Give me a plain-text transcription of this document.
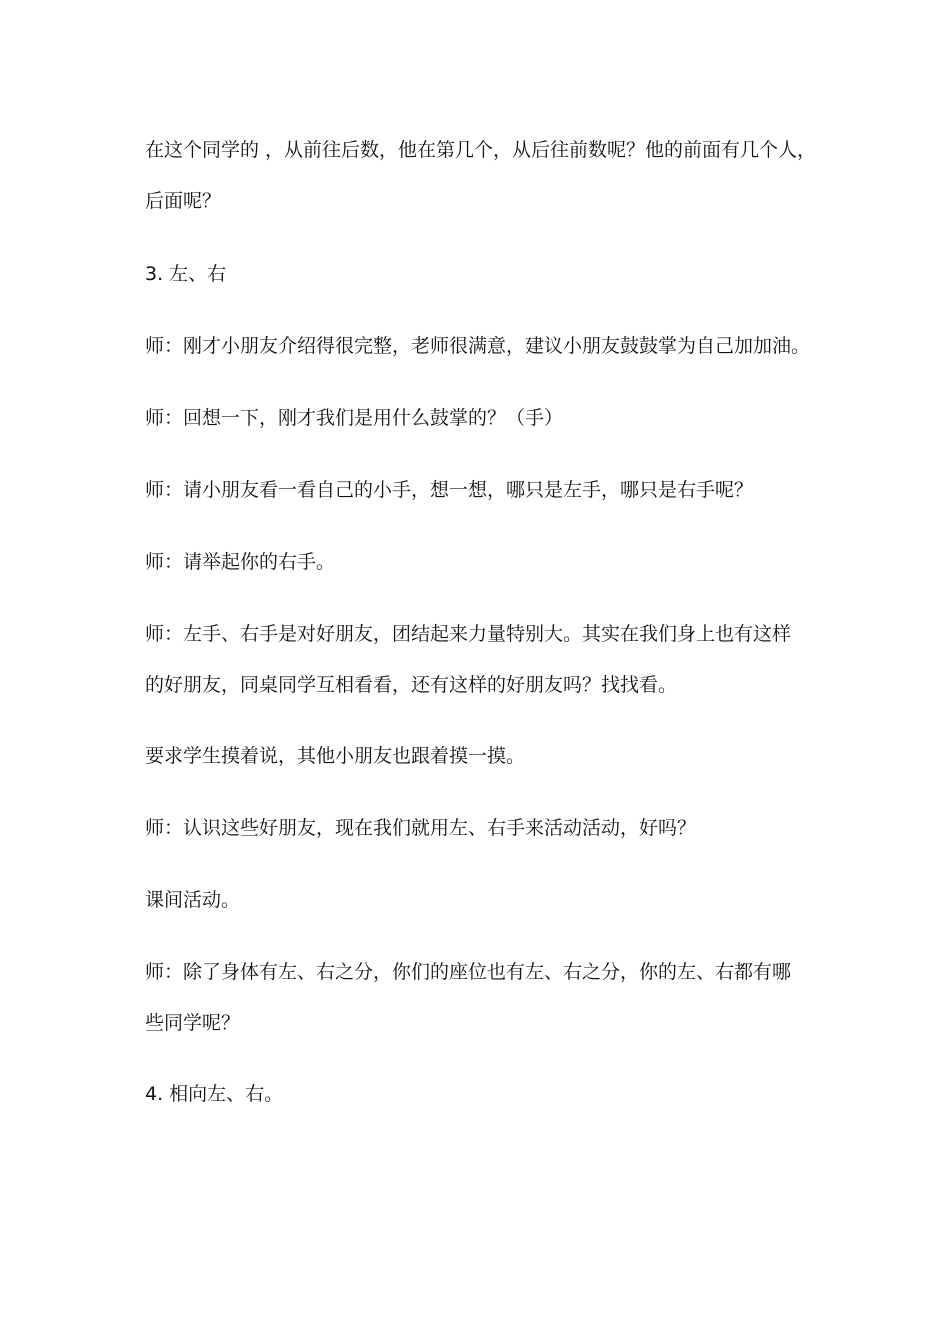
在这个同学的 ，从前往后数，他在第几个，从后往前数呢？他的前面有几个人，
后面呢？
3. 左、右
师：刚才小朋友介绍得很完整，老师很满意，建议小朋友鼓鼓掌为自己加加油。
师：回想一下，刚才我们是用什么鼓掌的？（手）
师：请小朋友看一看自己的小手，想一想，哪只是左手，哪只是右手呢？
师：请举起你的右手。
师：左手、右手是对好朋友，团结起来力量特别大。其实在我们身上也有这样
的好朋友，同桌同学互相看看，还有这样的好朋友吗？找找看。
要求学生摸着说，其他小朋友也跟着摸一摸。
师：认识这些好朋友，现在我们就用左、右手来活动活动，好吗？
课间活动。
师：除了身体有左、右之分，你们的座位也有左、右之分，你的左、右都有哪
些同学呢？
4. 相向左、右。
